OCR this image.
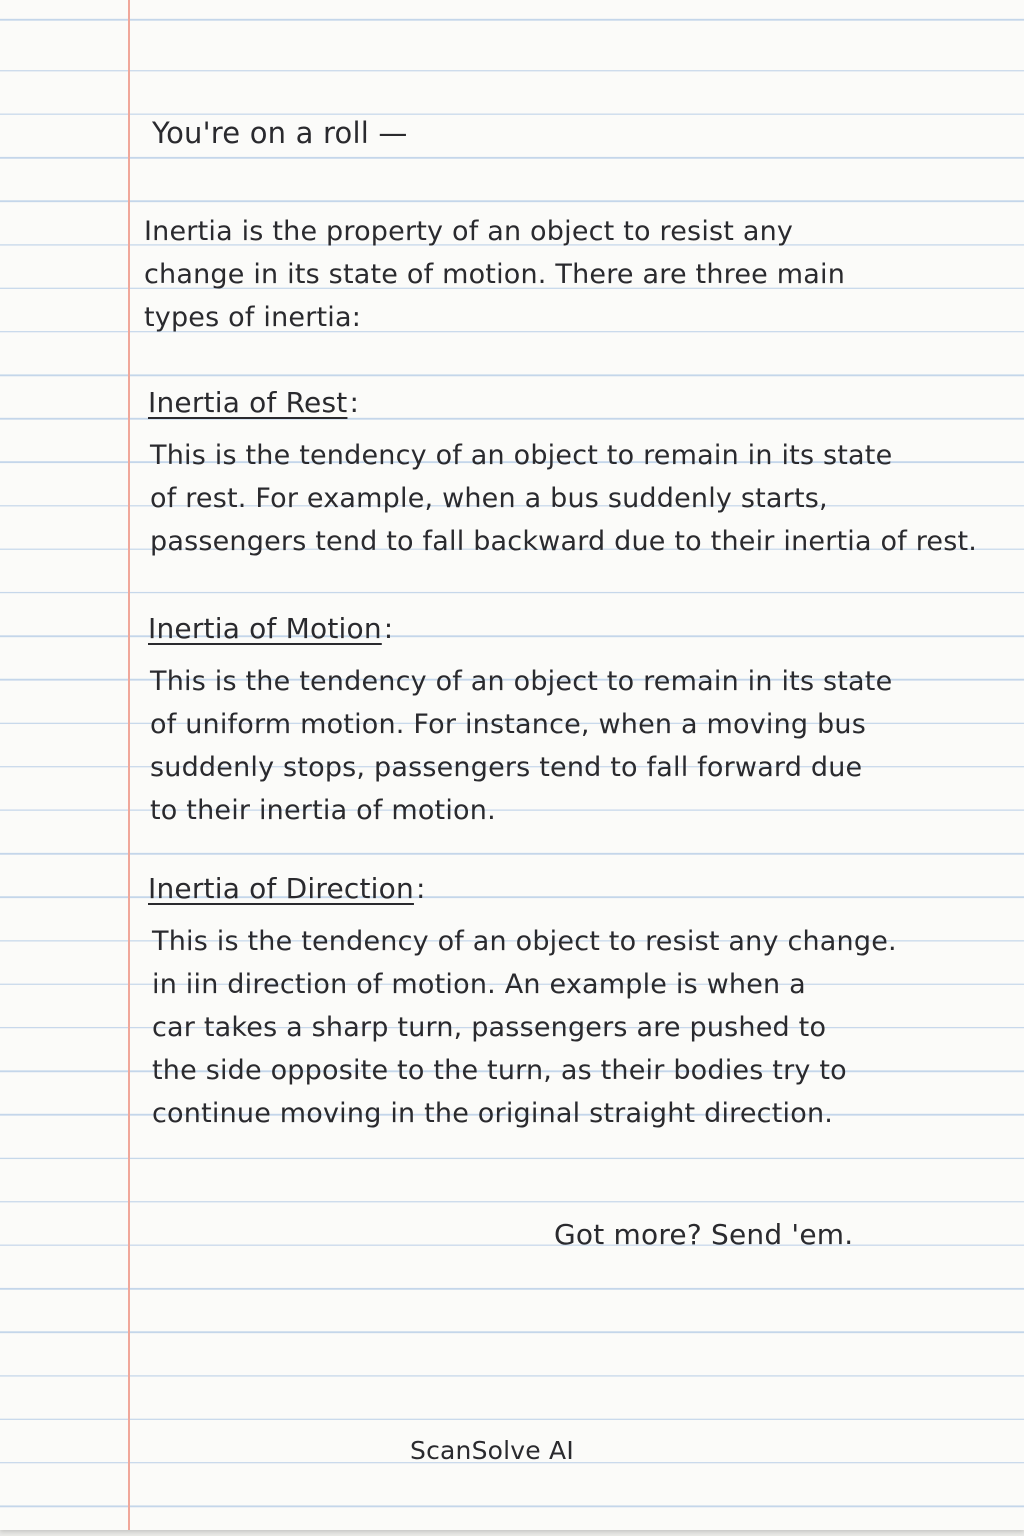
You're on a roll —

Inertia is the property of an object to resist any
change in its state of motion. There are three main
types of inertia:
Inertia of Rest:
This is the tendency of an object to remain in its state
of rest. For example, when a bus suddenly starts,
passengers tend to fall backward due to their inertia of rest.
Inertia of Motion:
This is the tendency of an object to remain in its state
of uniform motion. For instance, when a moving bus
suddenly stops, passengers tend to fall forward due
to their inertia of motion.
Inertia of Direction:
This is the tendency of an object to resist any change.
in iin direction of motion. An example is when a
car takes a sharp turn, passengers are pushed to
the side opposite to the turn, as their bodies try to
continue moving in the original straight direction.

Got more? Send 'em.

ScanSolve AI
